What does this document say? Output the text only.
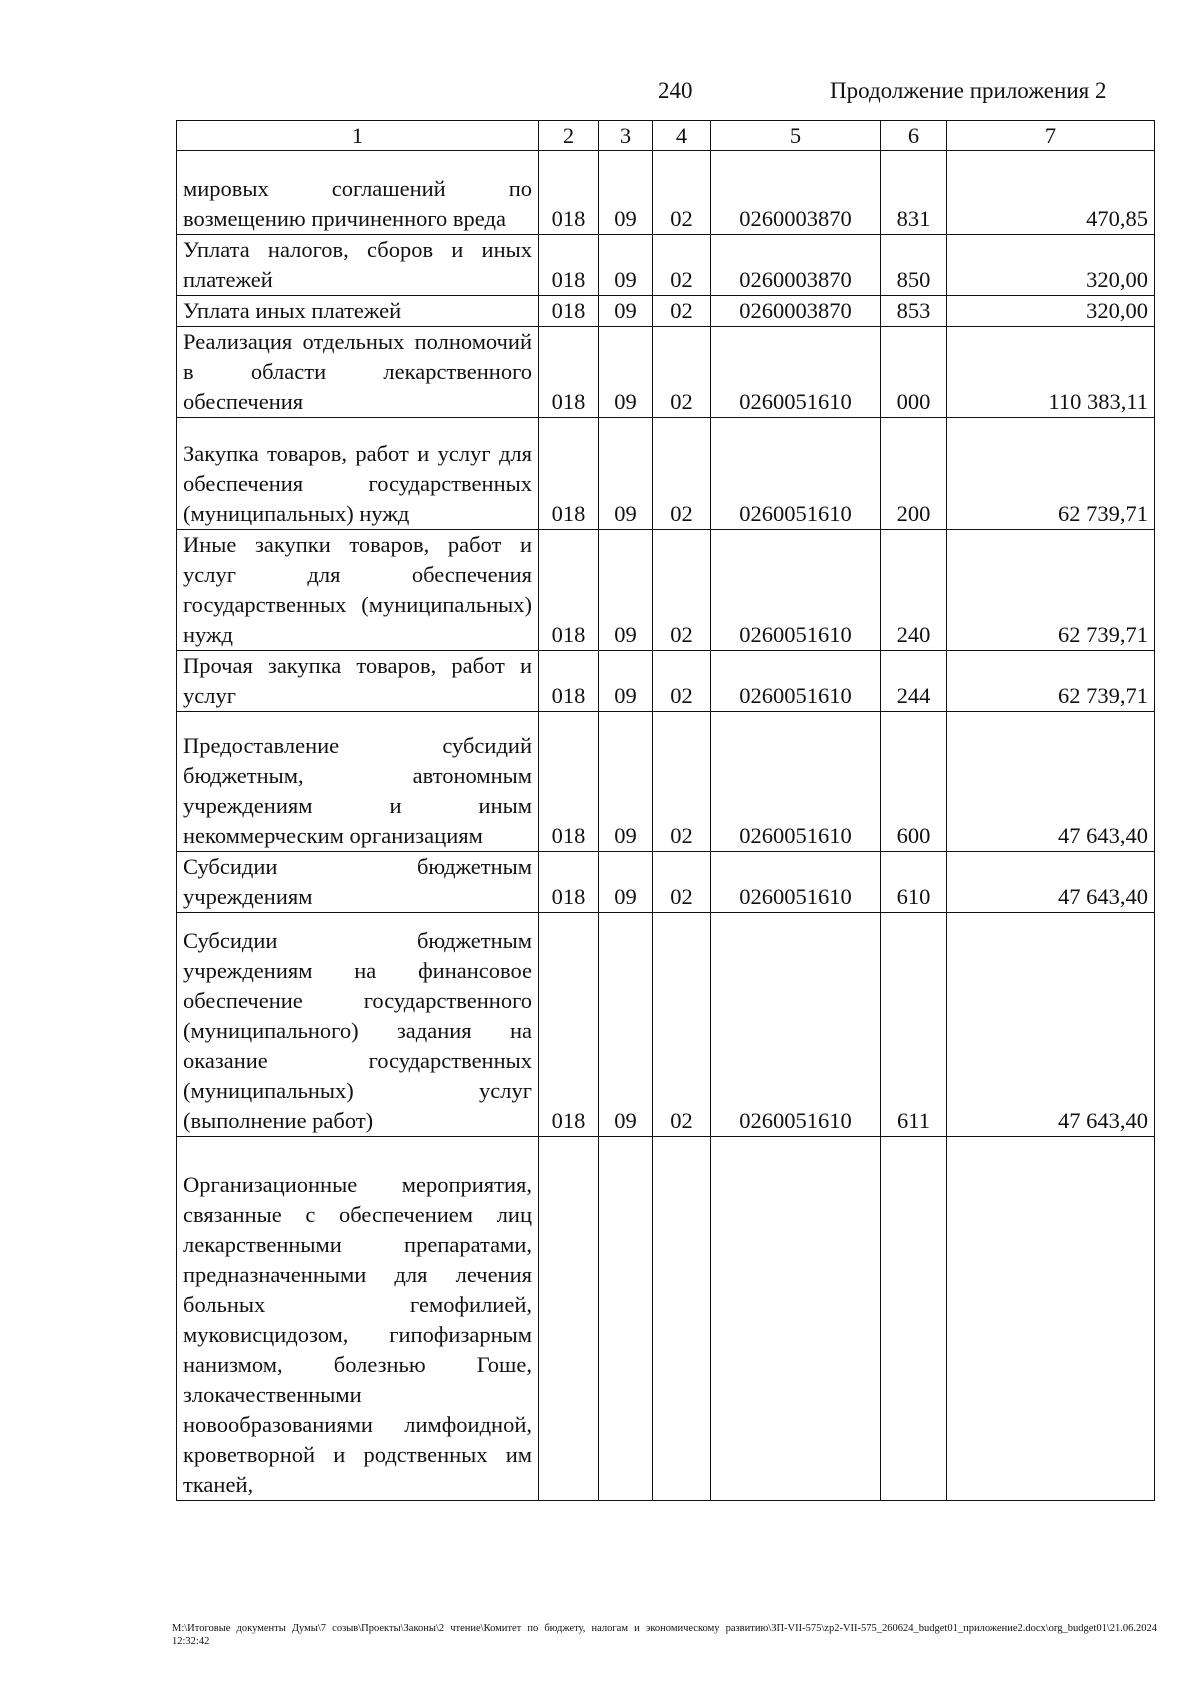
240	Продолжение приложения 2
1	2	3	4	5	6	7
мировых соглашений по возмещению причиненного вреда	018	09	02	0260003870	831	470,85
Уплата налогов, сборов и иных платежей	018	09	02	0260003870	850	320,00
Уплата иных платежей	018	09	02	0260003870	853	320,00
Реализация отдельных полномочий в области лекарственного обеспечения	018	09	02	0260051610	000	110 383,11
Закупка товаров, работ и услуг для обеспечения государственных (муниципальных) нужд	018	09	02	0260051610	200	62 739,71
Иные закупки товаров, работ и услуг для обеспечения государственных (муниципальных) нужд	018	09	02	0260051610	240	62 739,71
Прочая закупка товаров, работ и услуг	018	09	02	0260051610	244	62 739,71
Предоставление субсидий бюджетным, автономным учреждениям и иным некоммерческим организациям	018	09	02	0260051610	600	47 643,40
Субсидии бюджетным учреждениям	018	09	02	0260051610	610	47 643,40
Субсидии бюджетным учреждениям на финансовое обеспечение государственного (муниципального) задания на оказание государственных (муниципальных) услуг (выполнение работ)	018	09	02	0260051610	611	47 643,40
Организационные мероприятия, связанные с обеспечением лиц лекарственными препаратами, предназначенными для лечения больных гемофилией, муковисцидозом, гипофизарным нанизмом, болезнью Гоше, злокачественными новообразованиями лимфоидной, кроветворной и родственных им тканей,						
M:\Итоговые документы Думы\7 созыв\Проекты\Законы\2 чтение\Комитет по бюджету, налогам и экономическому развитию\ЗП-VII-575\zp2-VII-575_260624_budget01_приложение2.docx\org_budget01\21.06.2024 12:32:42
